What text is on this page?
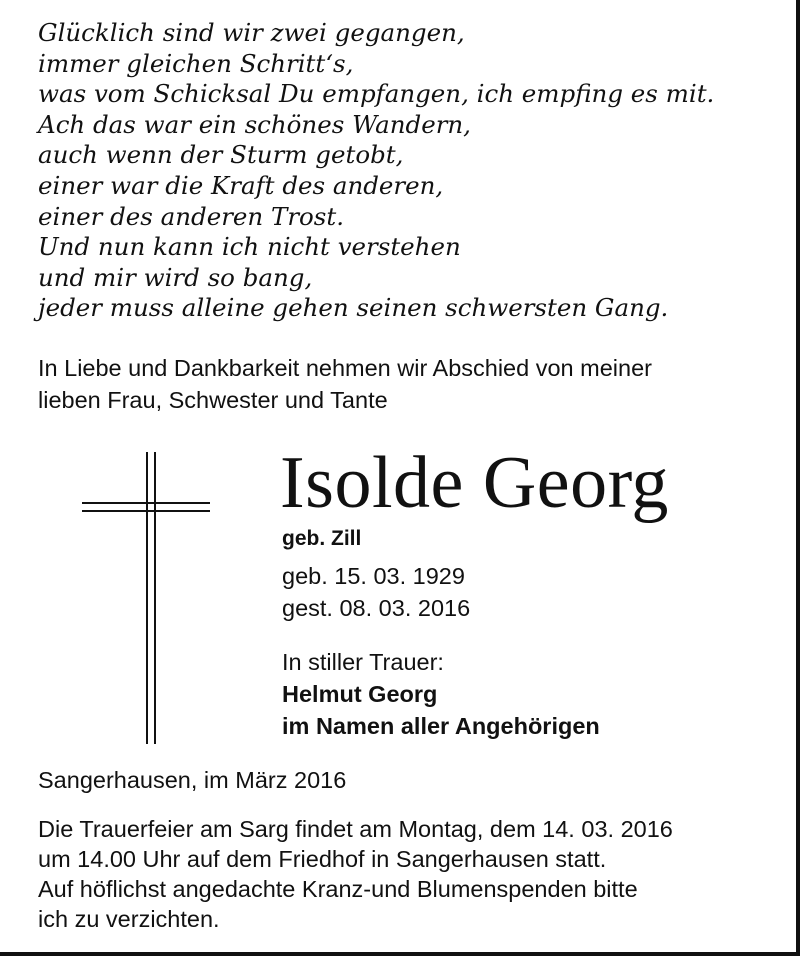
Glücklich sind wir zwei gegangen,
immer gleichen Schritt‘s,
was vom Schicksal Du empfangen, ich empfing es mit.
Ach das war ein schönes Wandern,
auch wenn der Sturm getobt,
einer war die Kraft des anderen,
einer des anderen Trost.
Und nun kann ich nicht verstehen
und mir wird so bang,
jeder muss alleine gehen seinen schwersten Gang.
In Liebe und Dankbarkeit nehmen wir Abschied von meiner
lieben Frau, Schwester und Tante
Isolde Georg
geb. Zill
geb. 15. 03. 1929
gest. 08. 03. 2016
In stiller Trauer:
Helmut Georg
im Namen aller Angehörigen
Sangerhausen, im März 2016
Die Trauerfeier am Sarg findet am Montag, dem 14. 03. 2016
um 14.00 Uhr auf dem Friedhof in Sangerhausen statt.
Auf höflichst angedachte Kranz-und Blumenspenden bitte
ich zu verzichten.
